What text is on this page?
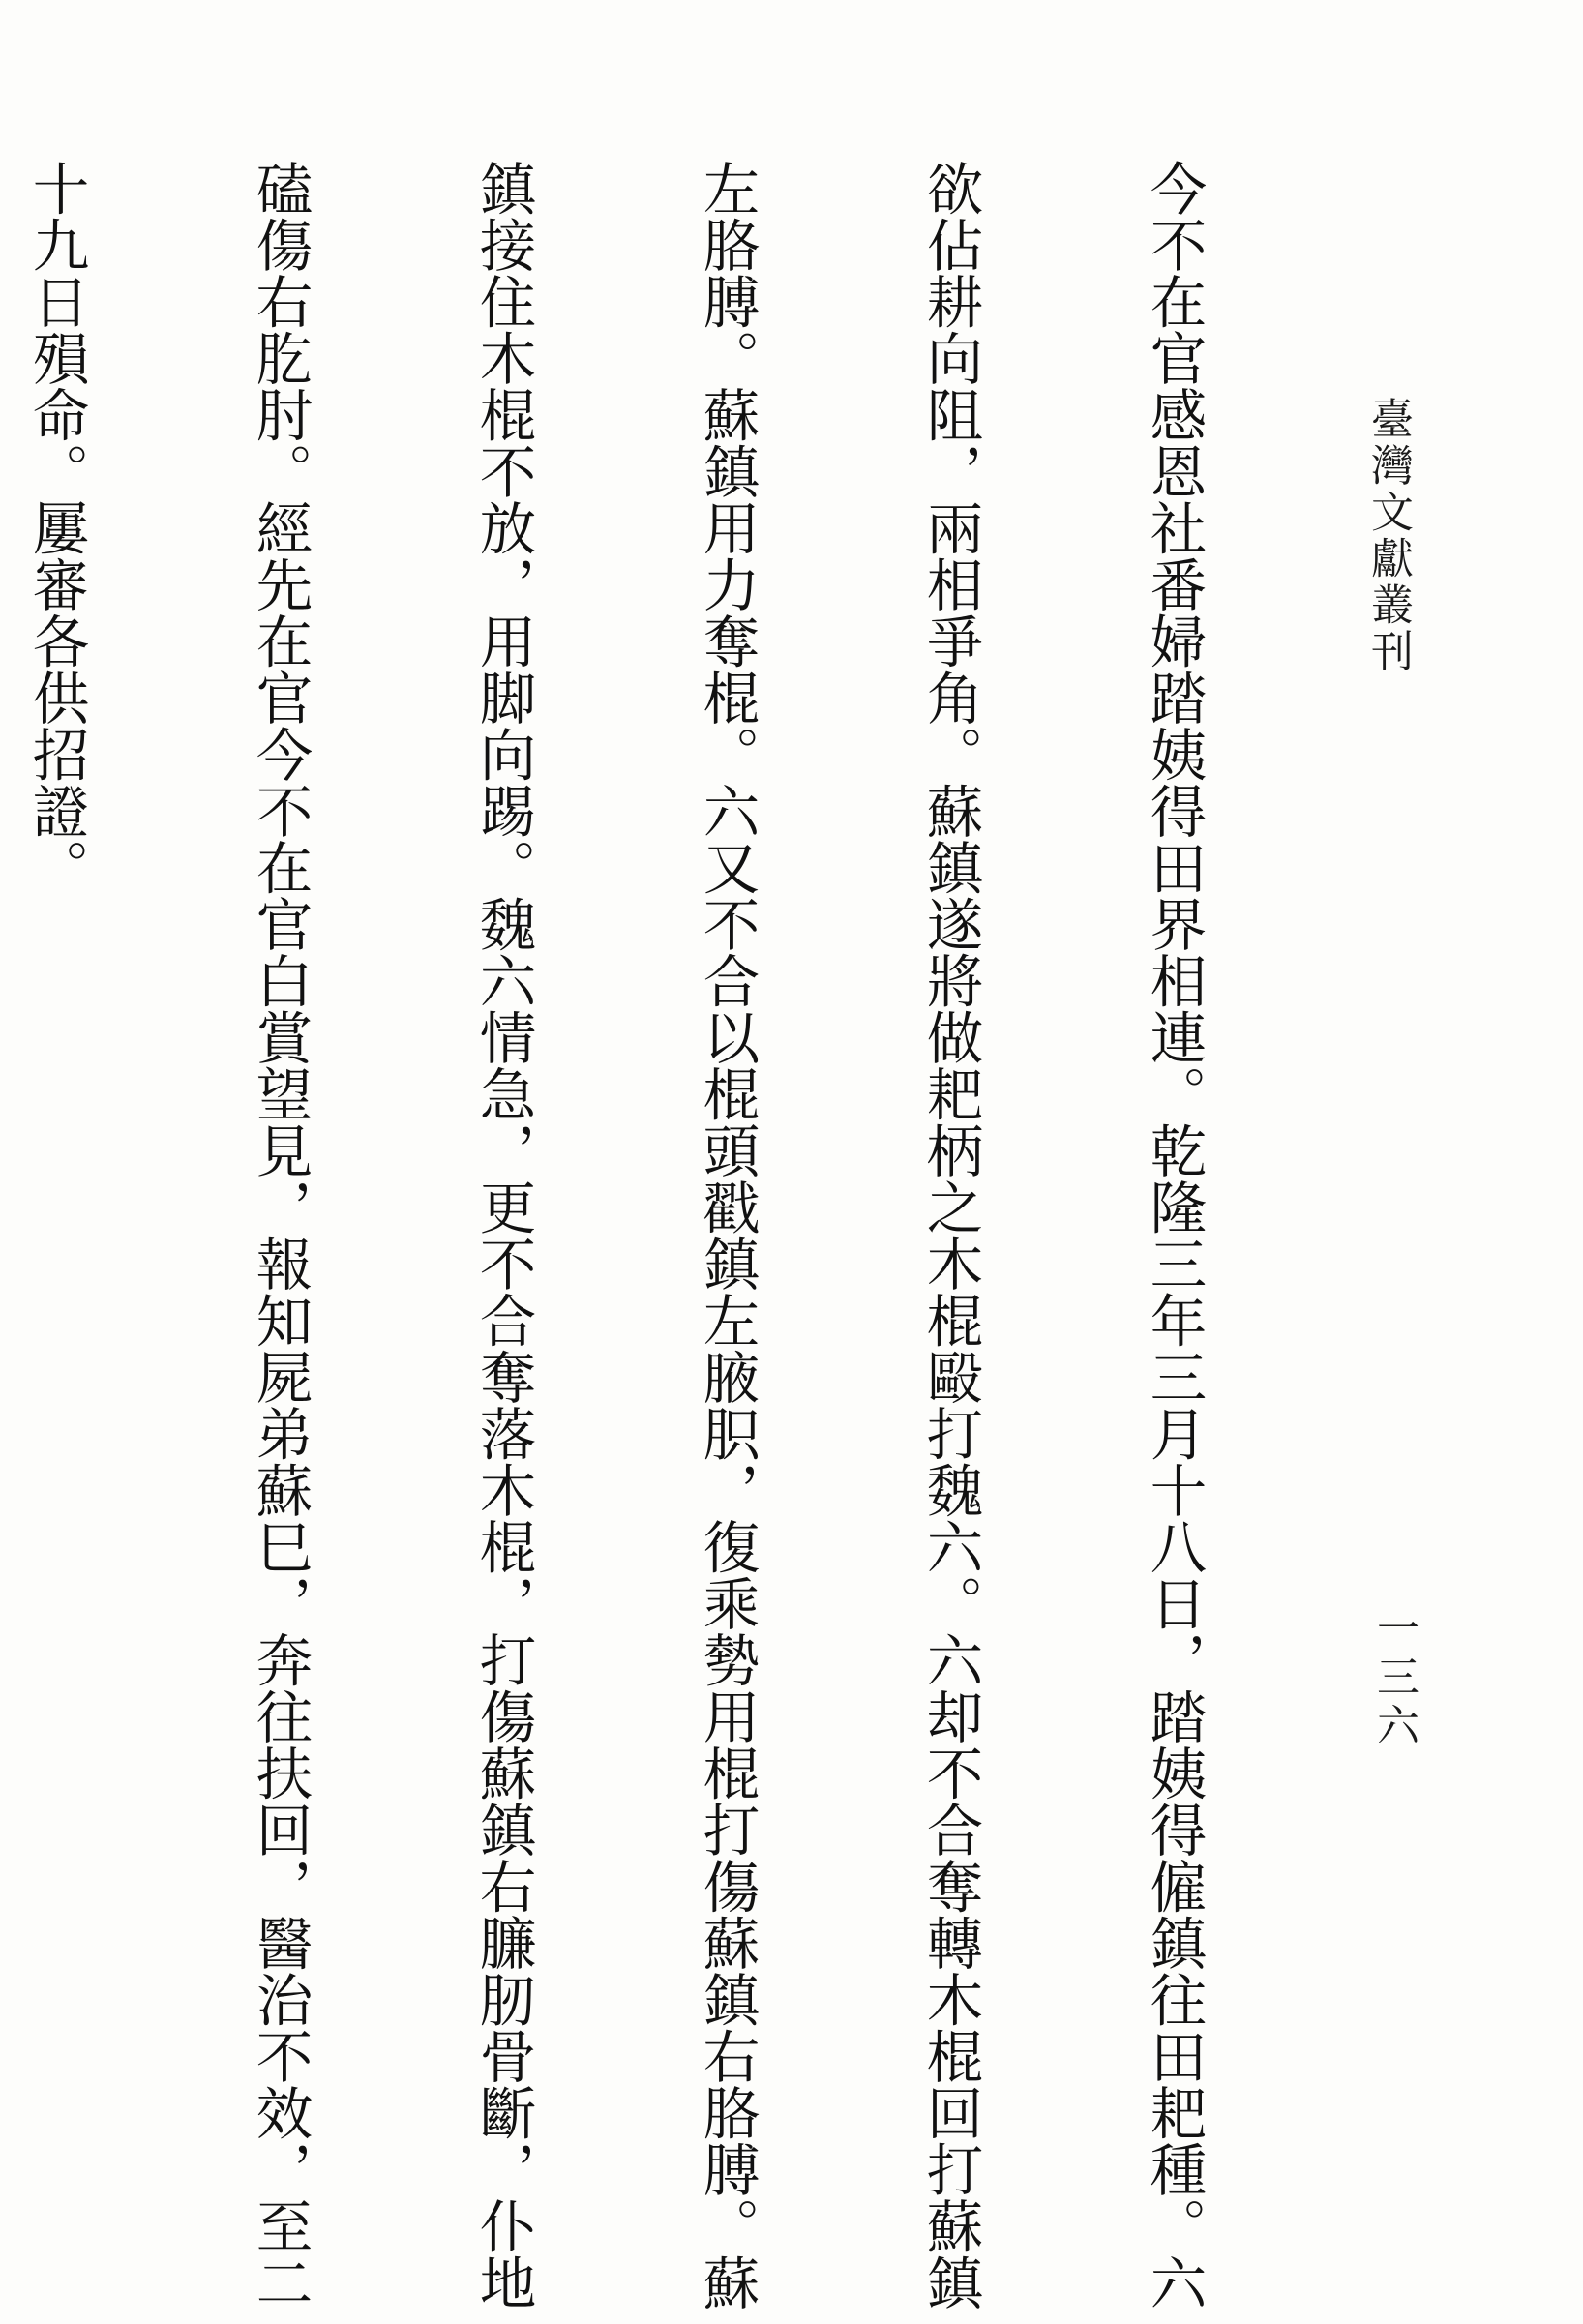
臺灣文獻叢刊
一三六

今不在官感恩社番婦踏姨得田界相連。乾隆三年三月十八日，踏姨得僱鎮往田耙種。六

欲佔耕向阻，兩相爭角。蘇鎮遂將做耙柄之木棍毆打魏六。六却不合奪轉木棍回打蘇鎮

左胳膊。蘇鎮用力奪棍。六又不合以棍頭戳鎮左腋胑，復乘勢用棍打傷蘇鎮右胳膊。蘇

鎮接住木棍不放，用脚向踢。魏六情急，更不合奪落木棍，打傷蘇鎮右臁肕骨斷，仆地

磕傷右肐肘。經先在官今不在官白賞望見，報知屍弟蘇巳，奔往扶回，醫治不效，至二

十九日殞命。屢審各供招證。
